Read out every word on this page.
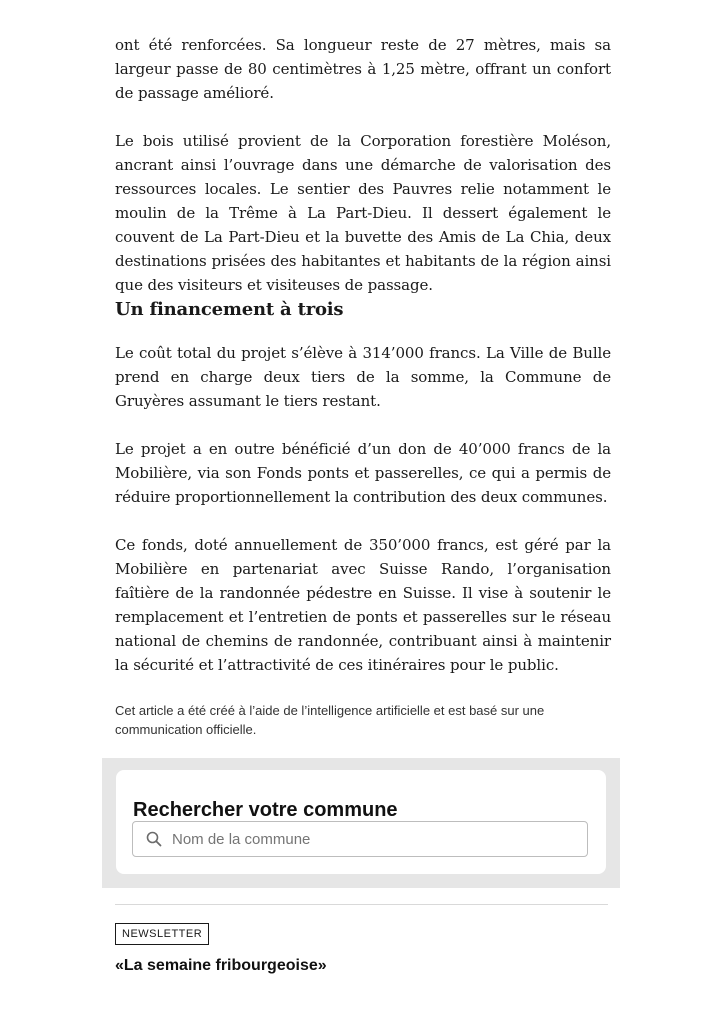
ont été renforcées. Sa longueur reste de 27 mètres, mais sa largeur passe de 80 centimètres à 1,25 mètre, offrant un confort de passage amélioré.

Le bois utilisé provient de la Corporation forestière Moléson, ancrant ainsi l’ouvrage dans une démarche de valorisation des ressources locales. Le sentier des Pauvres relie notamment le moulin de la Trême à La Part-Dieu. Il dessert également le couvent de La Part-Dieu et la buvette des Amis de La Chia, deux destinations prisées des habitantes et habitants de la région ainsi que des visiteurs et visiteuses de passage.

Un financement à trois

Le coût total du projet s’élève à 314’000 francs. La Ville de Bulle prend en charge deux tiers de la somme, la Commune de Gruyères assumant le tiers restant.

Le projet a en outre bénéficié d’un don de 40’000 francs de la Mobilière, via son Fonds ponts et passerelles, ce qui a permis de réduire proportionnellement la contribution des deux communes.

Ce fonds, doté annuellement de 350’000 francs, est géré par la Mobilière en partenariat avec Suisse Rando, l’organisation faîtière de la randonnée pédestre en Suisse. Il vise à soutenir le remplacement et l’entretien de ponts et passerelles sur le réseau national de chemins de randonnée, contribuant ainsi à maintenir la sécurité et l’attractivité de ces itinéraires pour le public.

Cet article a été créé à l’aide de l’intelligence artificielle et est basé sur une communication officielle.

Rechercher votre commune
Nom de la commune
NEWSLETTER
«La semaine fribourgeoise»
